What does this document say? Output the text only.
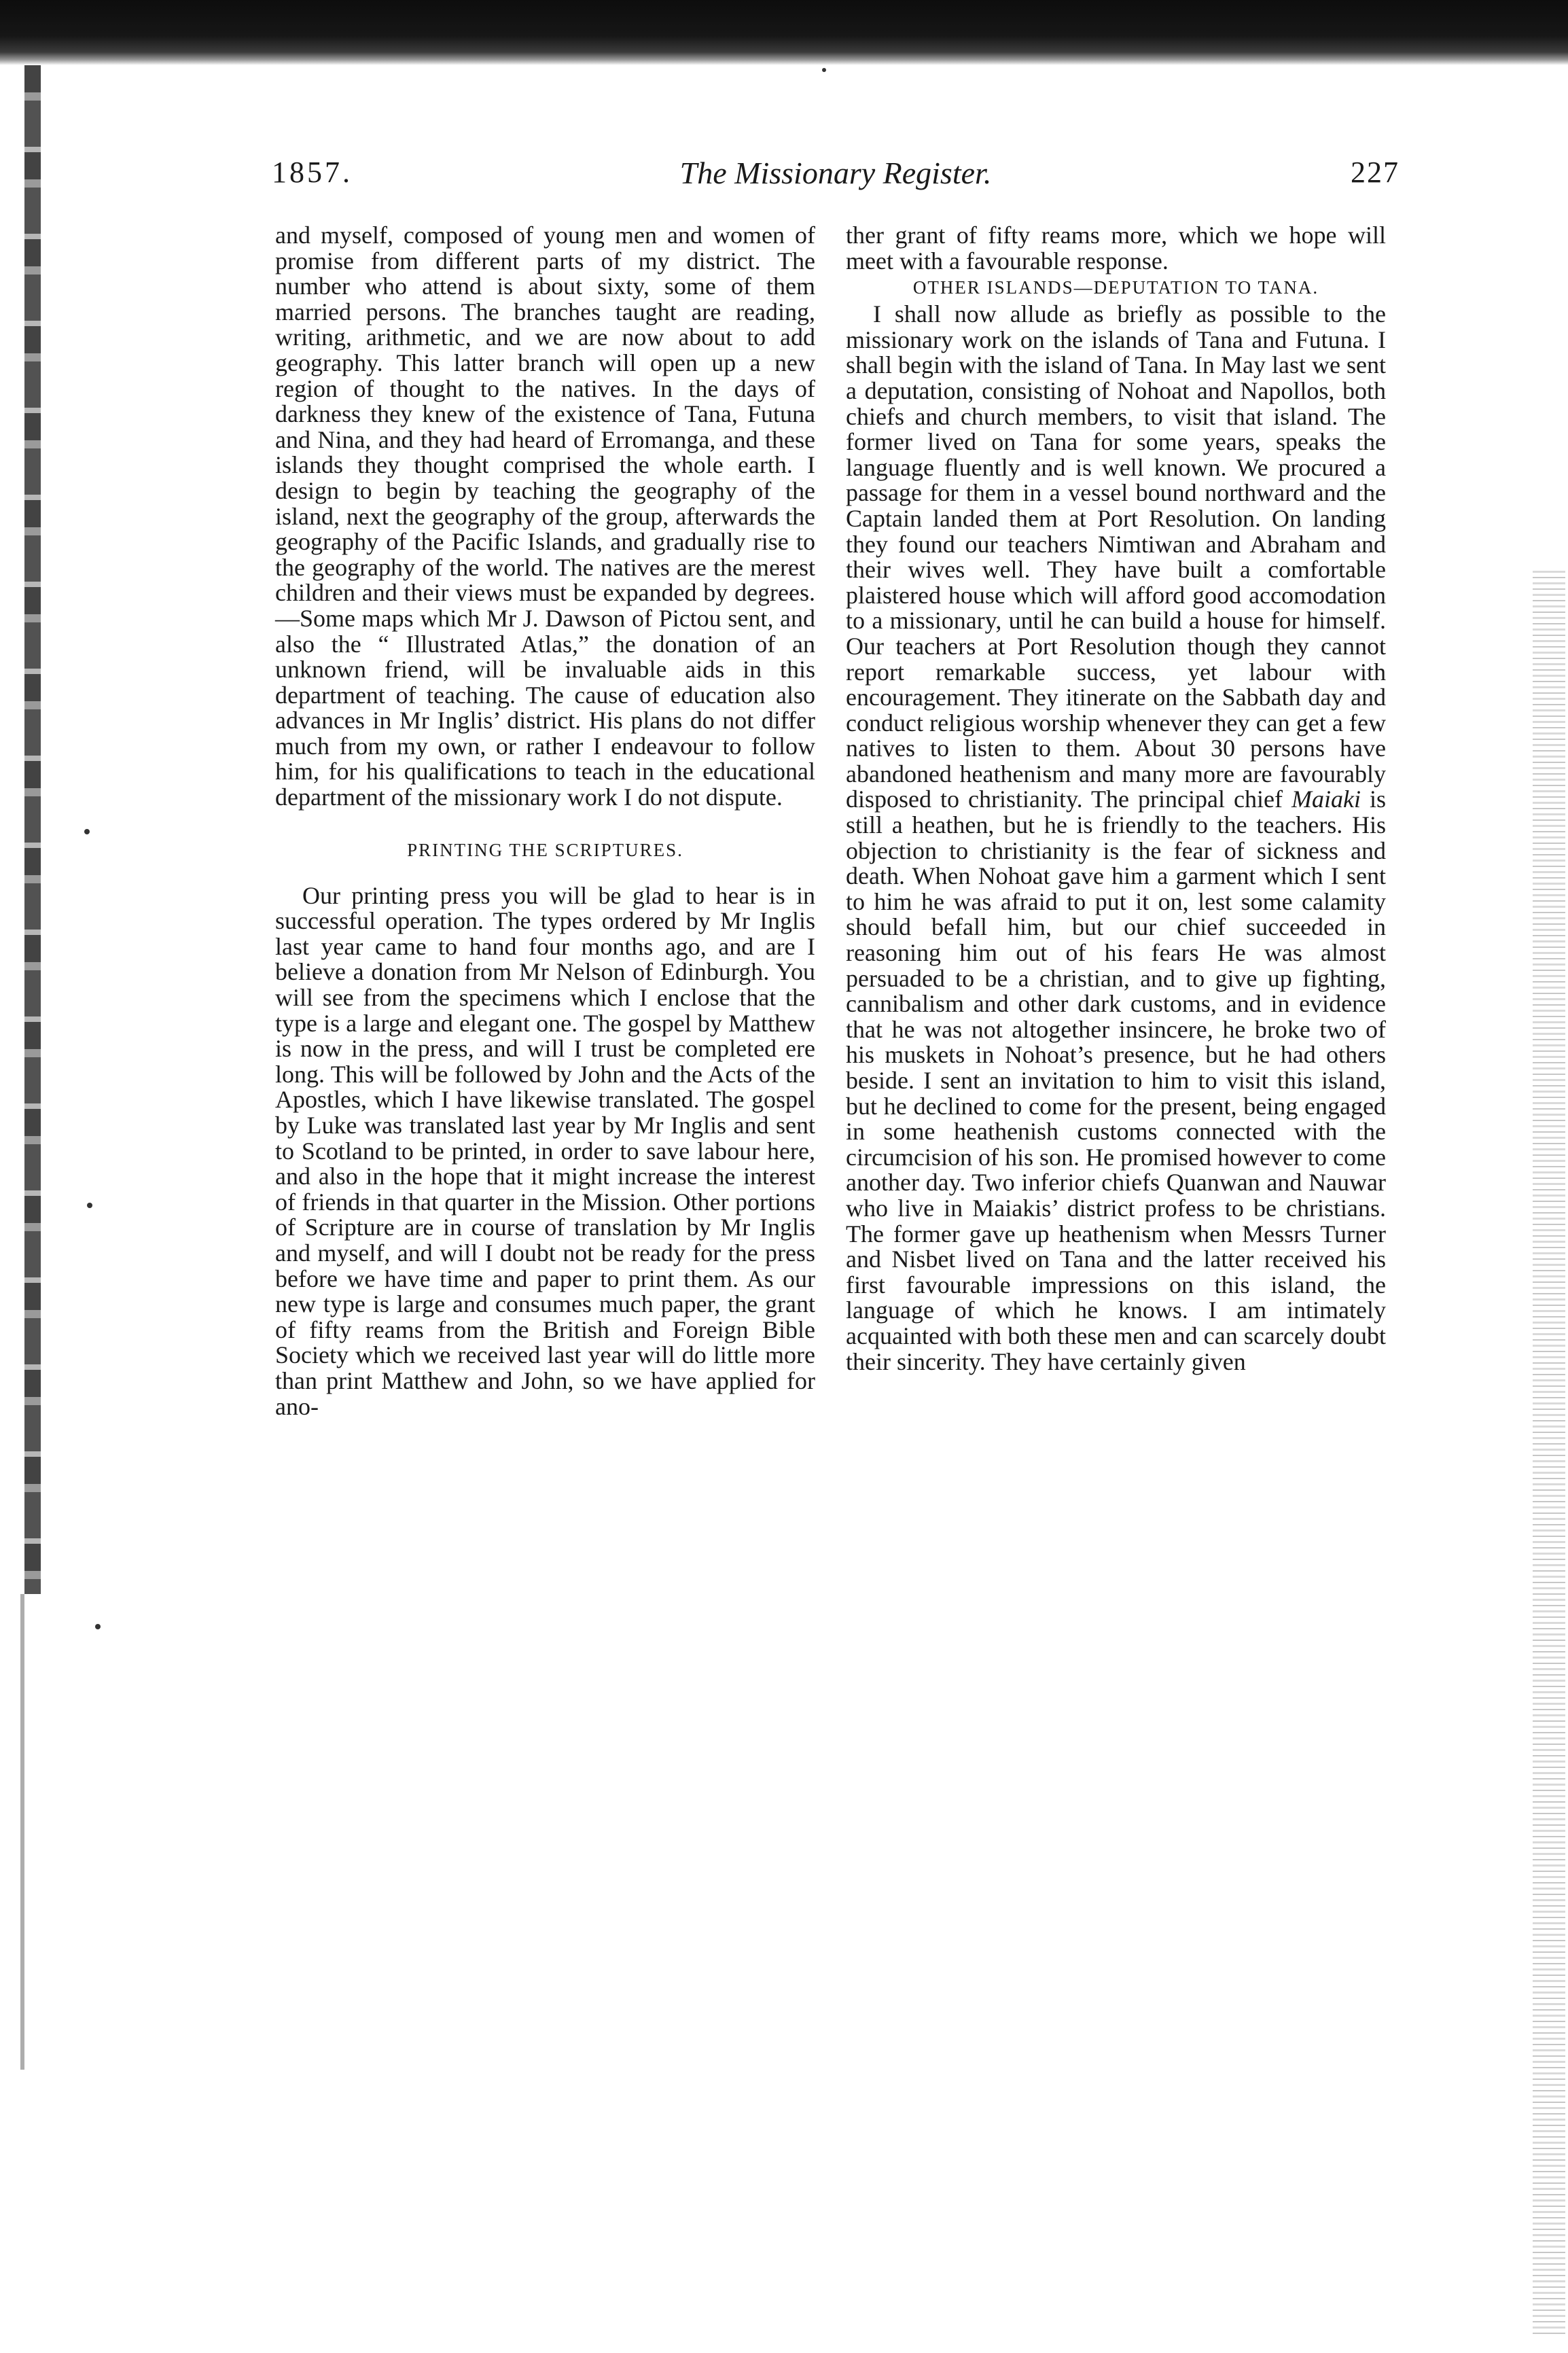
1857.	The Missionary Register.	227

and myself, composed of young men and women of promise from different parts of my district. The number who attend is about sixty, some of them married persons. The branches taught are reading, writing, arithmetic, and we are now about to add geography. This latter branch will open up a new region of thought to the natives. In the days of darkness they knew of the existence of Tana, Futuna and Nina, and they had heard of Erromanga, and these islands they thought comprised the whole earth. I design to begin by teaching the geography of the island, next the geography of the group, afterwards the geography of the Pacific Islands, and gradually rise to the geography of the world. The natives are the merest children and their views must be expanded by degrees.—Some maps which Mr J. Dawson of Pictou sent, and also the “ Illustrated Atlas,” the donation of an unknown friend, will be invaluable aids in this department of teaching. The cause of education also advances in Mr Inglis’ district. His plans do not differ much from my own, or rather I endeavour to follow him, for his qualifications to teach in the educational department of the missionary work I do not dispute.

PRINTING THE SCRIPTURES.

Our printing press you will be glad to hear is in successful operation. The types ordered by Mr Inglis last year came to hand four months ago, and are I believe a donation from Mr Nelson of Edinburgh. You will see from the specimens which I enclose that the type is a large and elegant one. The gospel by Matthew is now in the press, and will I trust be completed ere long. This will be followed by John and the Acts of the Apostles, which I have likewise translated. The gospel by Luke was translated last year by Mr Inglis and sent to Scotland to be printed, in order to save labour here, and also in the hope that it might increase the interest of friends in that quarter in the Mission. Other portions of Scripture are in course of translation by Mr Inglis and myself, and will I doubt not be ready for the press before we have time and paper to print them. As our new type is large and consumes much paper, the grant of fifty reams from the British and Foreign Bible Society which we received last year will do little more than print Matthew and John, so we have applied for ano-

ther grant of fifty reams more, which we hope will meet with a favourable response.

OTHER ISLANDS—DEPUTATION TO TANA.

I shall now allude as briefly as possible to the missionary work on the islands of Tana and Futuna. I shall begin with the island of Tana. In May last we sent a deputation, consisting of Nohoat and Napollos, both chiefs and church members, to visit that island. The former lived on Tana for some years, speaks the language fluently and is well known. We procured a passage for them in a vessel bound northward and the Captain landed them at Port Resolution. On landing they found our teachers Nimtiwan and Abraham and their wives well. They have built a comfortable plaistered house which will afford good accomodation to a missionary, until he can build a house for himself. Our teachers at Port Resolution though they cannot report remarkable success, yet labour with encouragement. They itinerate on the Sabbath day and conduct religious worship whenever they can get a few natives to listen to them. About 30 persons have abandoned heathenism and many more are favourably disposed to christianity. The principal chief Maiaki is still a heathen, but he is friendly to the teachers. His objection to christianity is the fear of sickness and death. When Nohoat gave him a garment which I sent to him he was afraid to put it on, lest some calamity should befall him, but our chief succeeded in reasoning him out of his fears He was almost persuaded to be a christian, and to give up fighting, cannibalism and other dark customs, and in evidence that he was not altogether insincere, he broke two of his muskets in Nohoat’s presence, but he had others beside. I sent an invitation to him to visit this island, but he declined to come for the present, being engaged in some heathenish customs connected with the circumcision of his son. He promised however to come another day. Two inferior chiefs Quanwan and Nauwar who live in Maiakis’ district profess to be christians. The former gave up heathenism when Messrs Turner and Nisbet lived on Tana and the latter received his first favourable impressions on this island, the language of which he knows. I am intimately acquainted with both these men and can scarcely doubt their sincerity. They have certainly given
